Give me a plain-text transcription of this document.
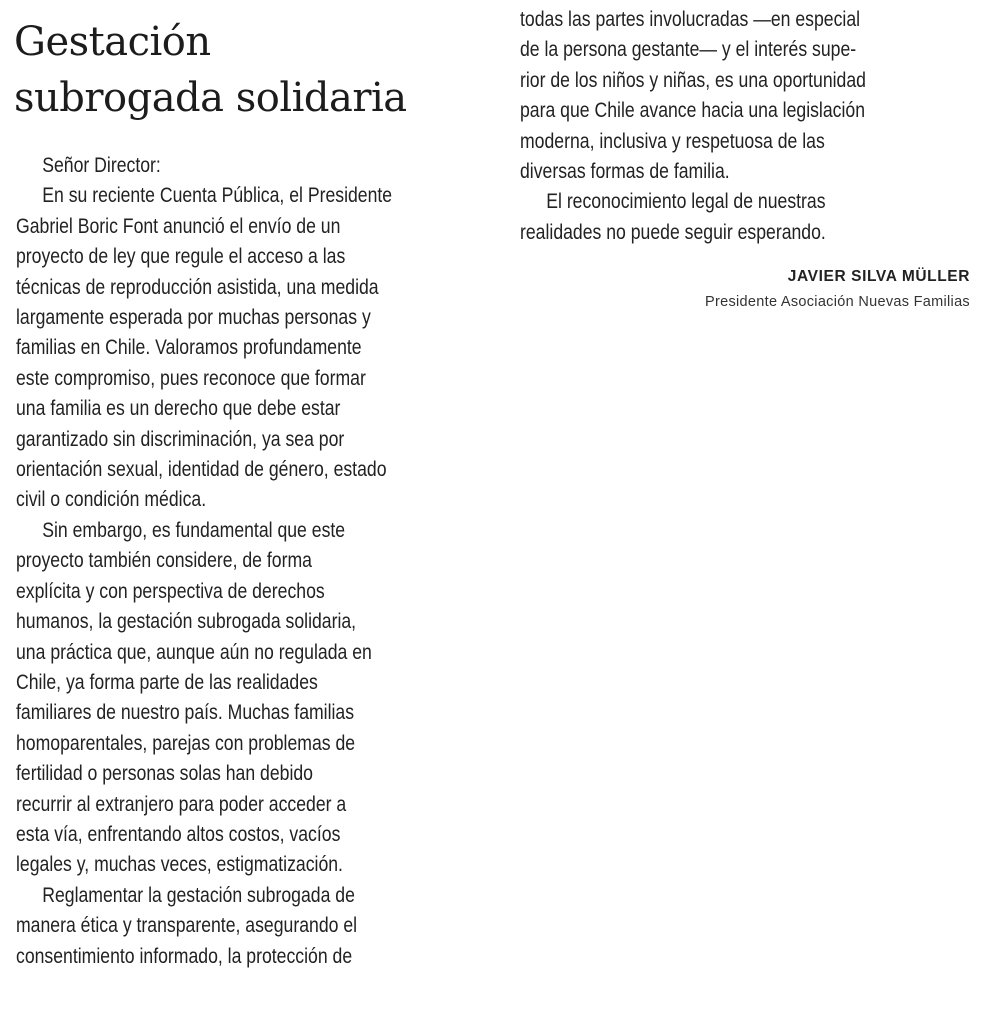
Gestación
subrogada solidaria
Señor Director:
En su reciente Cuenta Pública, el Presidente
Gabriel Boric Font anunció el envío de un
proyecto de ley que regule el acceso a las
técnicas de reproducción asistida, una medida
largamente esperada por muchas personas y
familias en Chile. Valoramos profundamente
este compromiso, pues reconoce que formar
una familia es un derecho que debe estar
garantizado sin discriminación, ya sea por
orientación sexual, identidad de género, estado
civil o condición médica.
Sin embargo, es fundamental que este
proyecto también considere, de forma
explícita y con perspectiva de derechos
humanos, la gestación subrogada solidaria,
una práctica que, aunque aún no regulada en
Chile, ya forma parte de las realidades
familiares de nuestro país. Muchas familias
homoparentales, parejas con problemas de
fertilidad o personas solas han debido
recurrir al extranjero para poder acceder a
esta vía, enfrentando altos costos, vacíos
legales y, muchas veces, estigmatización.
Reglamentar la gestación subrogada de
manera ética y transparente, asegurando el
consentimiento informado, la protección de
todas las partes involucradas —en especial
de la persona gestante— y el interés supe-
rior de los niños y niñas, es una oportunidad
para que Chile avance hacia una legislación
moderna, inclusiva y respetuosa de las
diversas formas de familia.
El reconocimiento legal de nuestras
realidades no puede seguir esperando.
JAVIER SILVA MÜLLER
Presidente Asociación Nuevas Familias
